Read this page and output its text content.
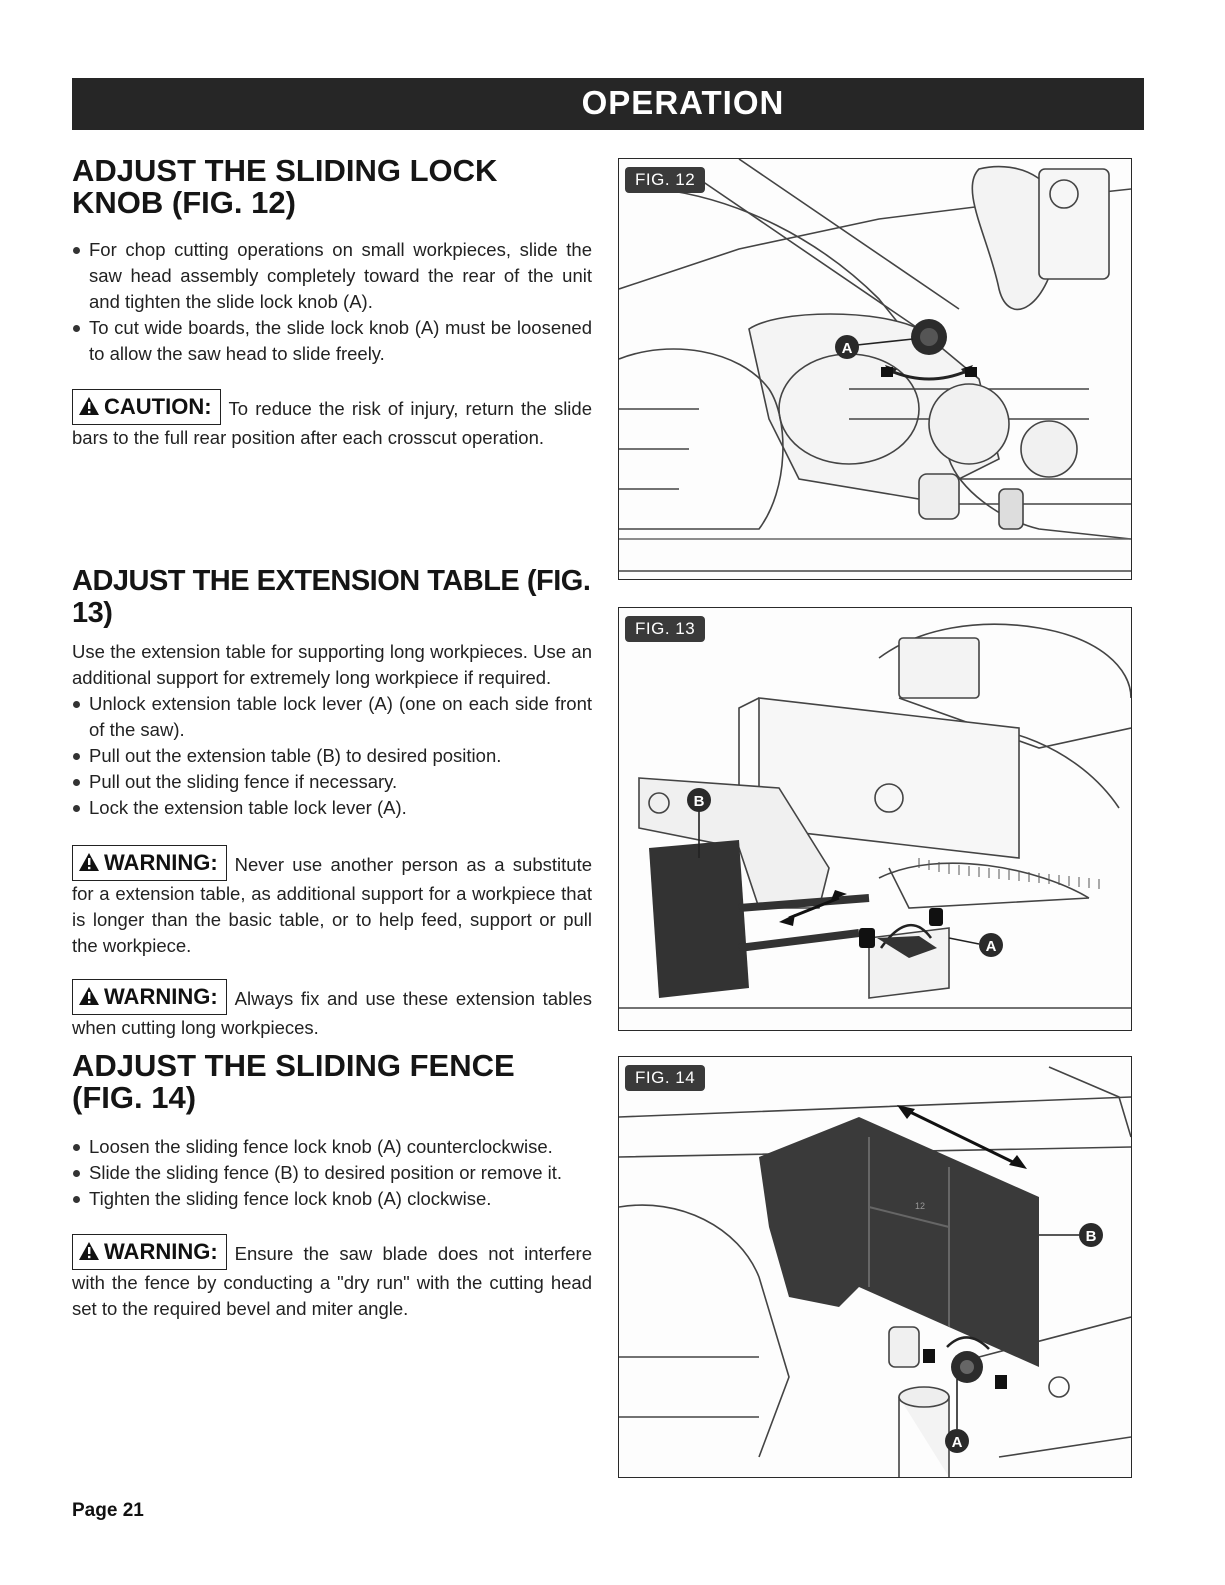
OPERATION
ADJUST THE SLIDING LOCK KNOB (FIG. 12)
For chop cutting operations on small workpieces, slide the saw head assembly completely toward the rear of the unit and tighten the slide lock knob (A).
To cut wide boards, the slide lock knob (A) must be loosened to allow the saw head to slide freely.

CAUTION: To reduce the risk of injury, return the slide bars to the full rear position after each crosscut operation.

ADJUST THE EXTENSION TABLE (FIG. 13)

Use the extension table for supporting long workpieces. Use an additional support for extremely long workpiece if required.

Unlock extension table lock lever (A) (one on each side front of the saw).
Pull out the extension table (B) to desired position.
Pull out the sliding fence if necessary.
Lock the extension table lock lever (A).

WARNING: Never use another person as a substitute for a extension table, as additional support for a workpiece that is longer than the basic table, or to help feed, support or pull the workpiece.

WARNING: Always fix and use these extension tables when cutting long workpieces.

ADJUST THE SLIDING FENCE (FIG. 14)
Loosen the sliding fence lock knob (A) counterclockwise.
Slide the sliding fence (B) to desired position or remove it.
Tighten the sliding fence lock knob (A) clockwise.

WARNING: Ensure the saw blade does not interfere with the fence by conducting a "dry run" with the cutting head set to the required bevel and miter angle.

A
FIG. 12
B
A
FIG. 13
12
B
A
FIG. 14
Page 21
